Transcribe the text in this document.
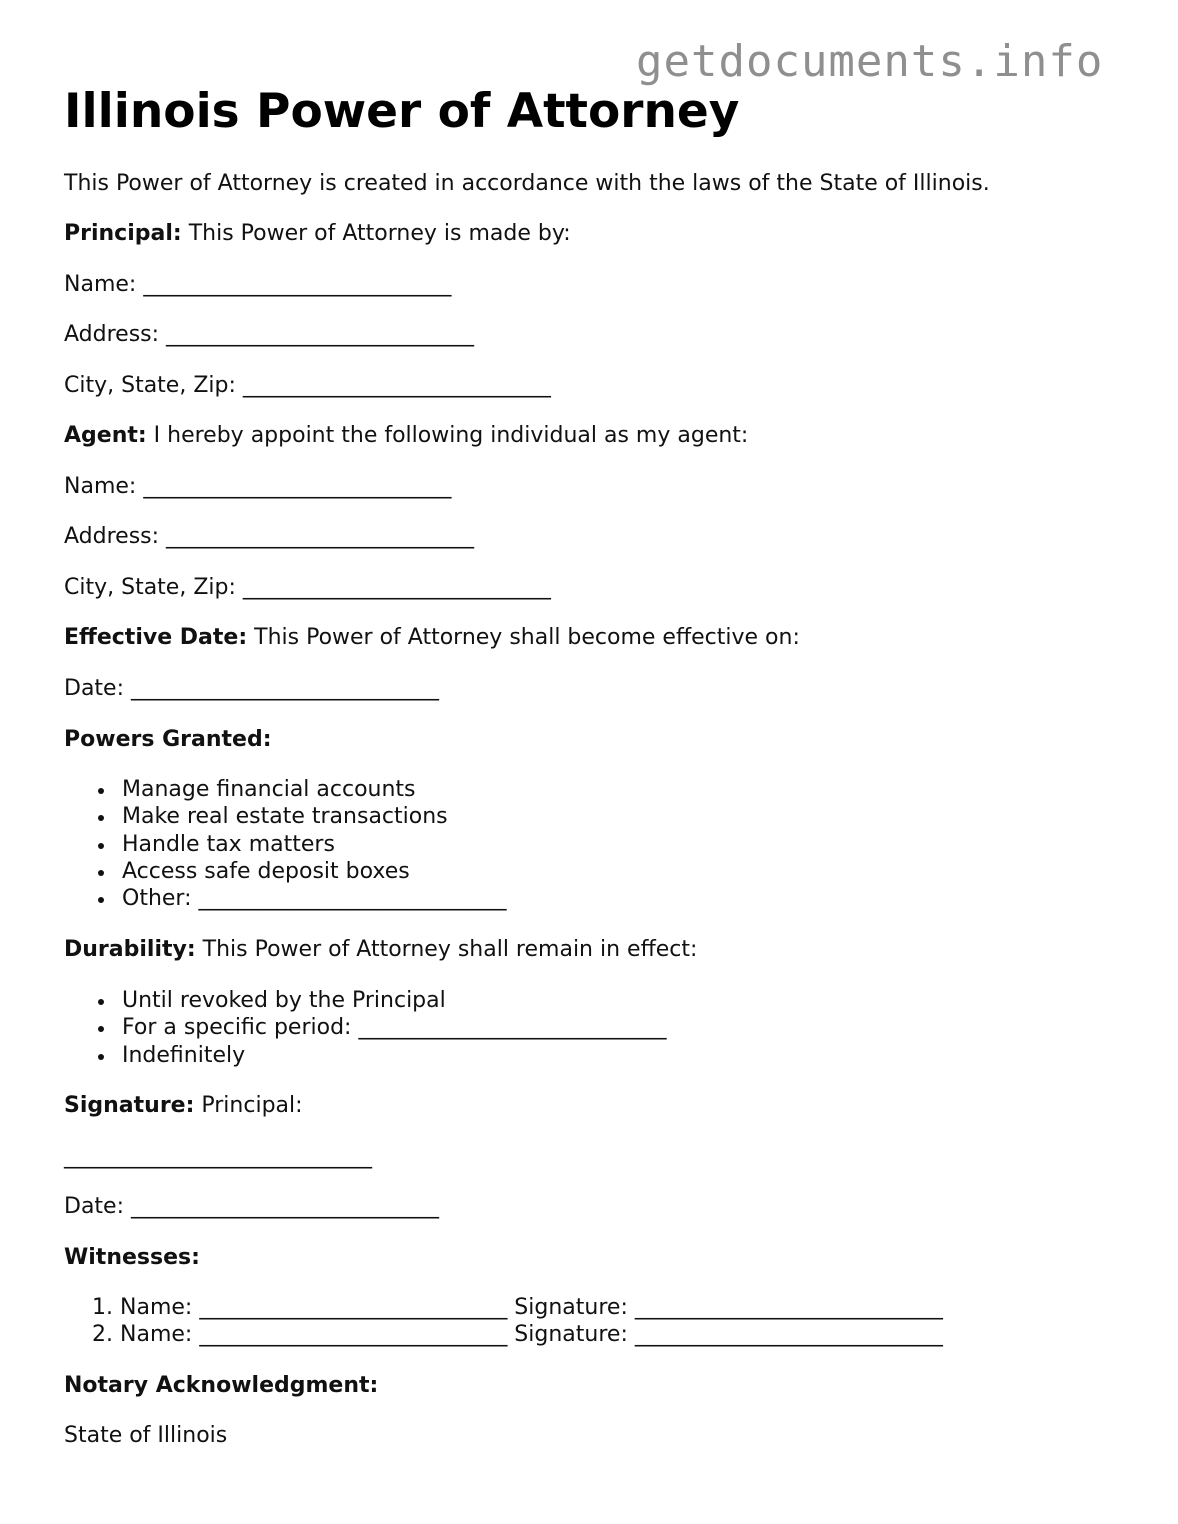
getdocuments.info
Illinois Power of Attorney

This Power of Attorney is created in accordance with the laws of the State of Illinois.

Principal: This Power of Attorney is made by:

Name: ____________________________

Address: ____________________________

City, State, Zip: ____________________________

Agent: I hereby appoint the following individual as my agent:

Name: ____________________________

Address: ____________________________

City, State, Zip: ____________________________

Effective Date: This Power of Attorney shall become effective on:

Date: ____________________________

Powers Granted:

Manage financial accounts
Make real estate transactions
Handle tax matters
Access safe deposit boxes
Other: ____________________________

Durability: This Power of Attorney shall remain in effect:

Until revoked by the Principal
For a specific period: ____________________________
Indefinitely

Signature: Principal:

____________________________

Date: ____________________________

Witnesses:

1. Name: ____________________________ Signature: ____________________________
2. Name: ____________________________ Signature: ____________________________

Notary Acknowledgment:

State of Illinois
